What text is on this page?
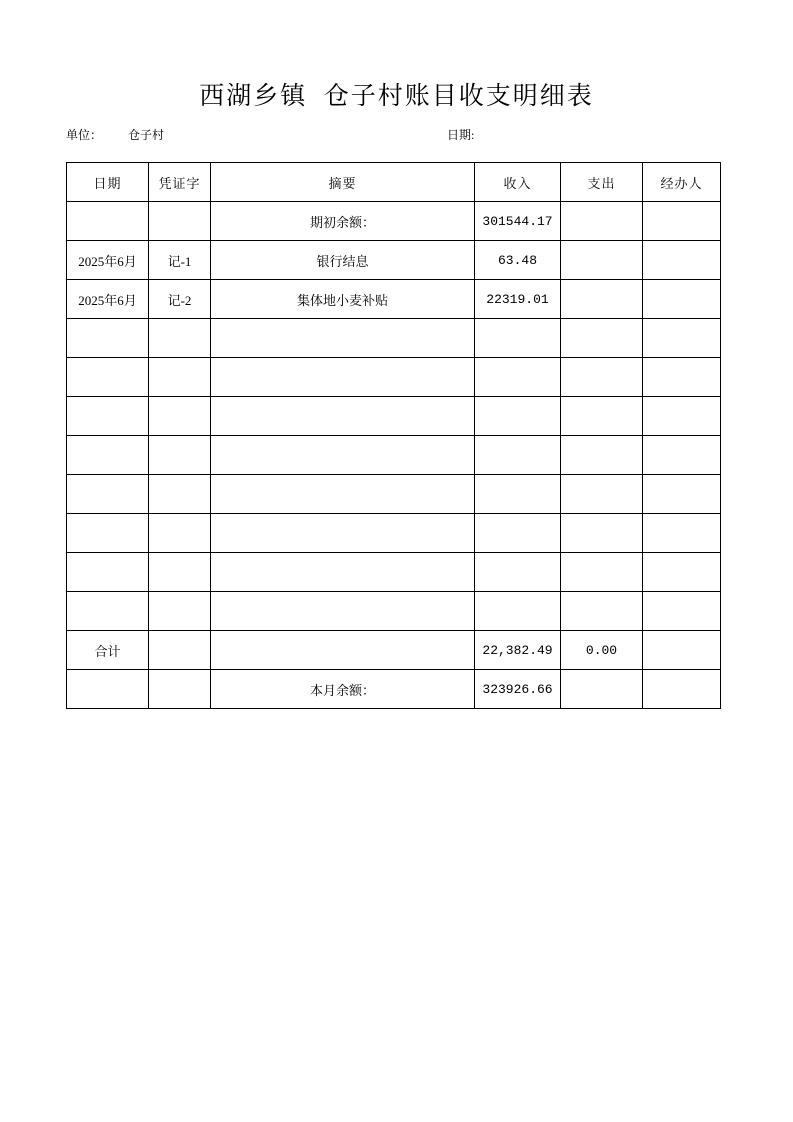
西湖乡镇  仓子村账目收支明细表
单位： 仓子村	日期:
日期	凭证字	摘要	收入	支出	经办人
		期初余额：	301544.17		
2025年6月	记-1	银行结息	63.48		
2025年6月	记-2	集体地小麦补贴	22319.01		

合计			22,382.49	0.00	
		本月余额：	323926.66		
